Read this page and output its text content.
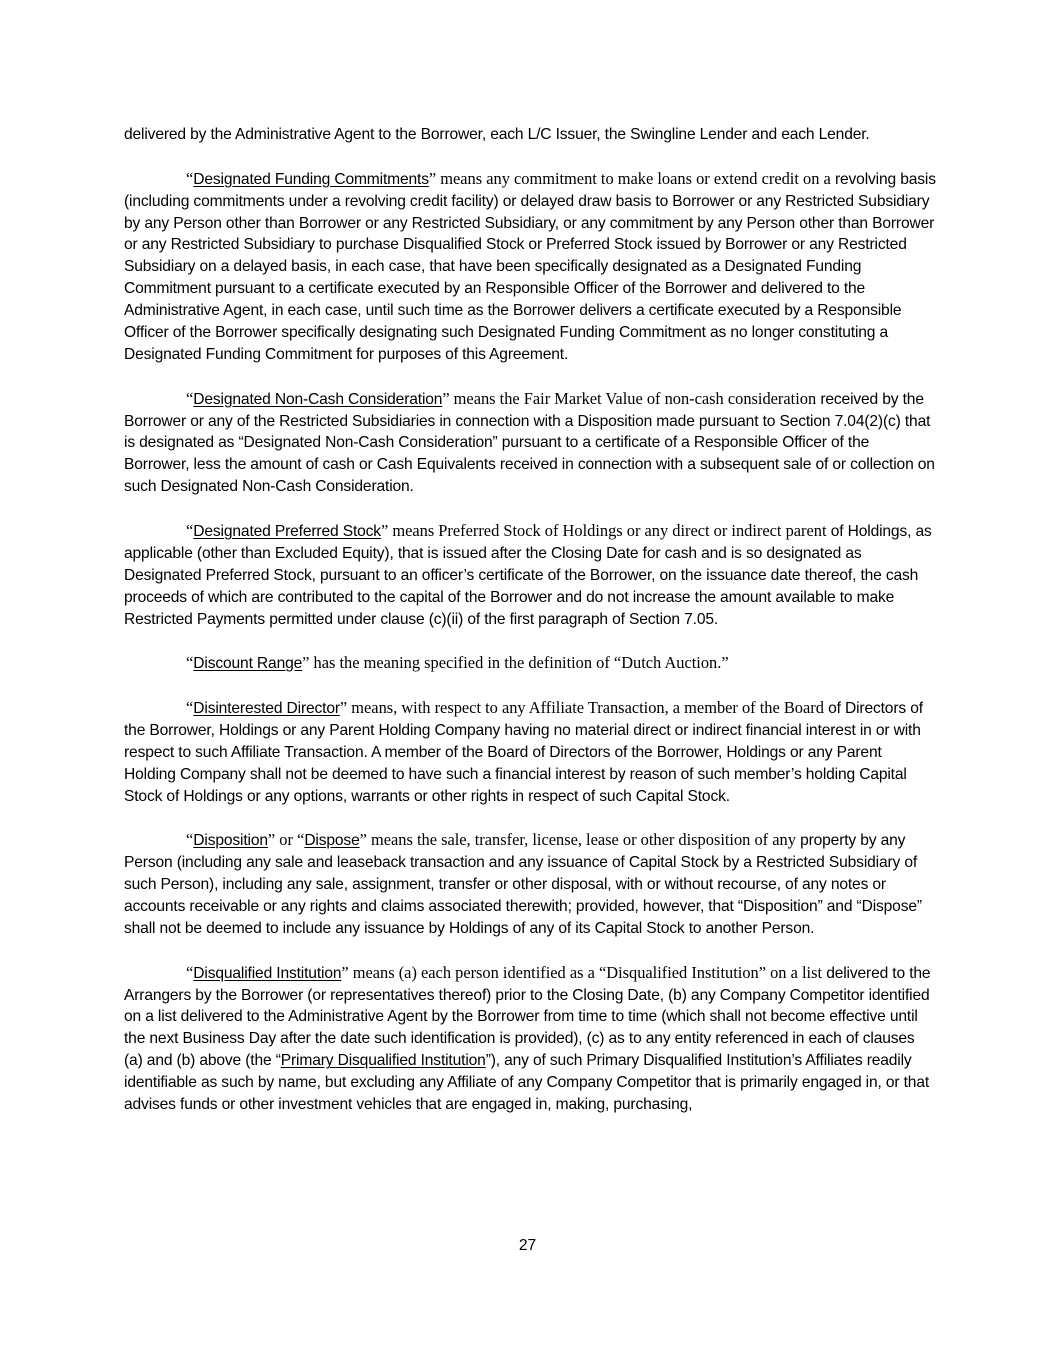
delivered by the Administrative Agent to the Borrower, each L/C Issuer, the Swingline Lender and each Lender.

“Designated Funding Commitments” means any commitment to make loans or extend credit on a revolving basis (including commitments under a revolving credit facility) or delayed draw basis to Borrower or any Restricted Subsidiary by any Person other than Borrower or any Restricted Subsidiary, or any commitment by any Person other than Borrower or any Restricted Subsidiary to purchase Disqualified Stock or Preferred Stock issued by Borrower or any Restricted Subsidiary on a delayed basis, in each case, that have been specifically designated as a Designated Funding Commitment pursuant to a certificate executed by an Responsible Officer of the Borrower and delivered to the Administrative Agent, in each case, until such time as the Borrower delivers a certificate executed by a Responsible Officer of the Borrower specifically designating such Designated Funding Commitment as no longer constituting a Designated Funding Commitment for purposes of this Agreement.

“Designated Non-Cash Consideration” means the Fair Market Value of non-cash consideration received by the Borrower or any of the Restricted Subsidiaries in connection with a Disposition made pursuant to Section 7.04(2)(c) that is designated as “Designated Non-Cash Consideration” pursuant to a certificate of a Responsible Officer of the Borrower, less the amount of cash or Cash Equivalents received in connection with a subsequent sale of or collection on such Designated Non-Cash Consideration.

“Designated Preferred Stock” means Preferred Stock of Holdings or any direct or indirect parent of Holdings, as applicable (other than Excluded Equity), that is issued after the Closing Date for cash and is so designated as Designated Preferred Stock, pursuant to an officer’s certificate of the Borrower, on the issuance date thereof, the cash proceeds of which are contributed to the capital of the Borrower and do not increase the amount available to make Restricted Payments permitted under clause (c)(ii) of the first paragraph of Section 7.05.

“Discount Range” has the meaning specified in the definition of “Dutch Auction.”

“Disinterested Director” means, with respect to any Affiliate Transaction, a member of the Board of Directors of the Borrower, Holdings or any Parent Holding Company having no material direct or indirect financial interest in or with respect to such Affiliate Transaction. A member of the Board of Directors of the Borrower, Holdings or any Parent Holding Company shall not be deemed to have such a financial interest by reason of such member’s holding Capital Stock of Holdings or any options, warrants or other rights in respect of such Capital Stock.

“Disposition” or “Dispose” means the sale, transfer, license, lease or other disposition of any property by any Person (including any sale and leaseback transaction and any issuance of Capital Stock by a Restricted Subsidiary of such Person), including any sale, assignment, transfer or other disposal, with or without recourse, of any notes or accounts receivable or any rights and claims associated therewith; provided, however, that “Disposition” and “Dispose” shall not be deemed to include any issuance by Holdings of any of its Capital Stock to another Person.

“Disqualified Institution” means (a) each person identified as a “Disqualified Institution” on a list delivered to the Arrangers by the Borrower (or representatives thereof) prior to the Closing Date, (b) any Company Competitor identified on a list delivered to the Administrative Agent by the Borrower from time to time (which shall not become effective until the next Business Day after the date such identification is provided), (c) as to any entity referenced in each of clauses (a) and (b) above (the “Primary Disqualified Institution”), any of such Primary Disqualified Institution’s Affiliates readily identifiable as such by name, but excluding any Affiliate of any Company Competitor that is primarily engaged in, or that advises funds or other investment vehicles that are engaged in, making, purchasing,

27
